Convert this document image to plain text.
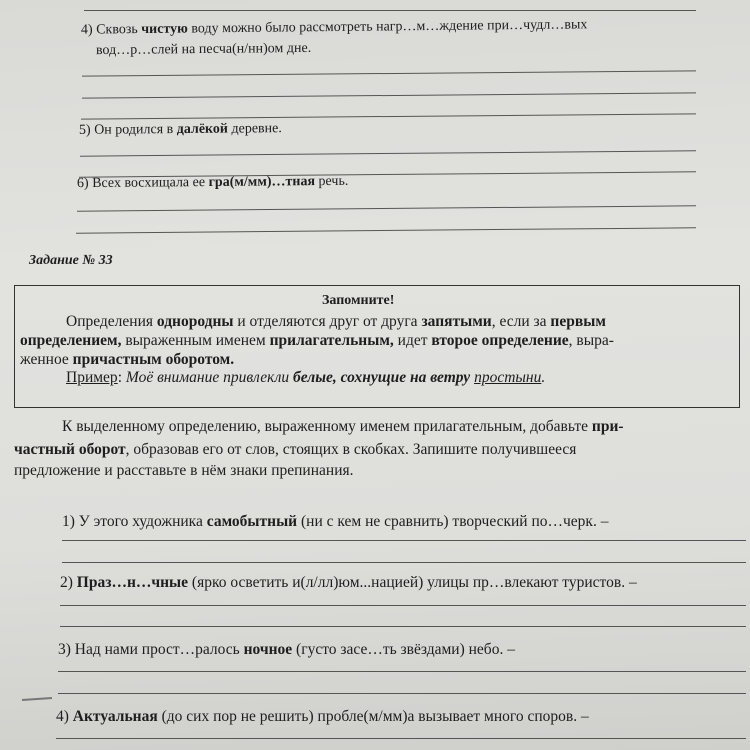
4) Сквозь чистую воду можно было рассмотреть нагр…м…ждение при…чудл…вых
вод…р…слей на песча(н/нн)ом дне.
5) Он родился в далёкой деревне.
6) Всех восхищала ее гра(м/мм)…тная речь.
Задание № 33
Запомните!
Определения однородны и отделяются друг от друга запятыми, если за первым
определением, выраженным именем прилагательным, идет второе определение, выра-
женное причастным оборотом.
Пример: Моё внимание привлекли белые, сохнущие на ветру простыни.
К выделенному определению, выраженному именем прилагательным, добавьте при-
частный оборот, образовав его от слов, стоящих в скобках. Запишите получившееся
предложение и расставьте в нём знаки препинания.
1) У этого художника самобытный (ни с кем не сравнить) творческий по…черк. –
2) Праз…н…чные (ярко осветить и(л/лл)юм...нацией) улицы пр…влекают туристов. –
3) Над нами прост…ралось ночное (густо засе…ть звёздами) небо. –
4) Актуальная (до сих пор не решить) пробле(м/мм)а вызывает много споров. –
